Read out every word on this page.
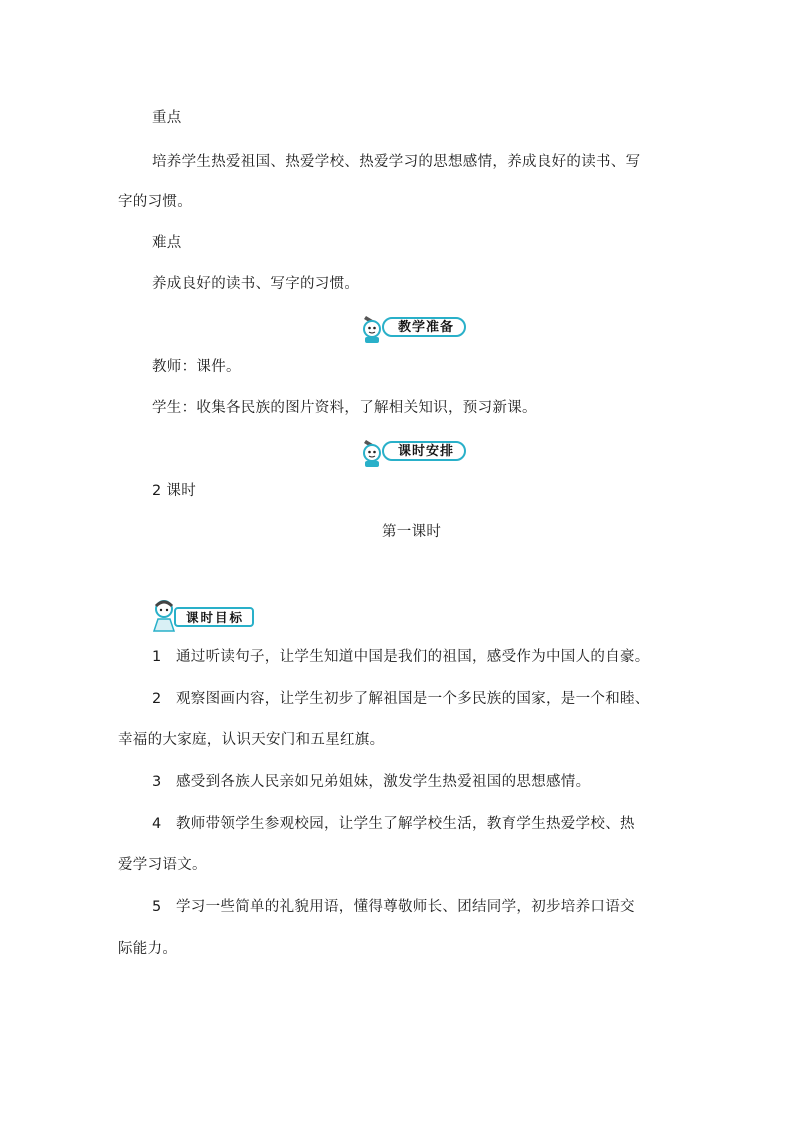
重点
培养学生热爱祖国、热爱学校、热爱学习的思想感情，养成良好的读书、写
字的习惯。
难点
养成良好的读书、写字的习惯。
教学准备
教师：课件。
学生：收集各民族的图片资料，了解相关知识，预习新课。
课时安排
2 课时
第一课时
课时目标
1 通过听读句子，让学生知道中国是我们的祖国，感受作为中国人的自豪。
2 观察图画内容，让学生初步了解祖国是一个多民族的国家，是一个和睦、
幸福的大家庭，认识天安门和五星红旗。
3 感受到各族人民亲如兄弟姐妹，激发学生热爱祖国的思想感情。
4 教师带领学生参观校园，让学生了解学校生活，教育学生热爱学校、热
爱学习语文。
5 学习一些简单的礼貌用语，懂得尊敬师长、团结同学，初步培养口语交
际能力。
